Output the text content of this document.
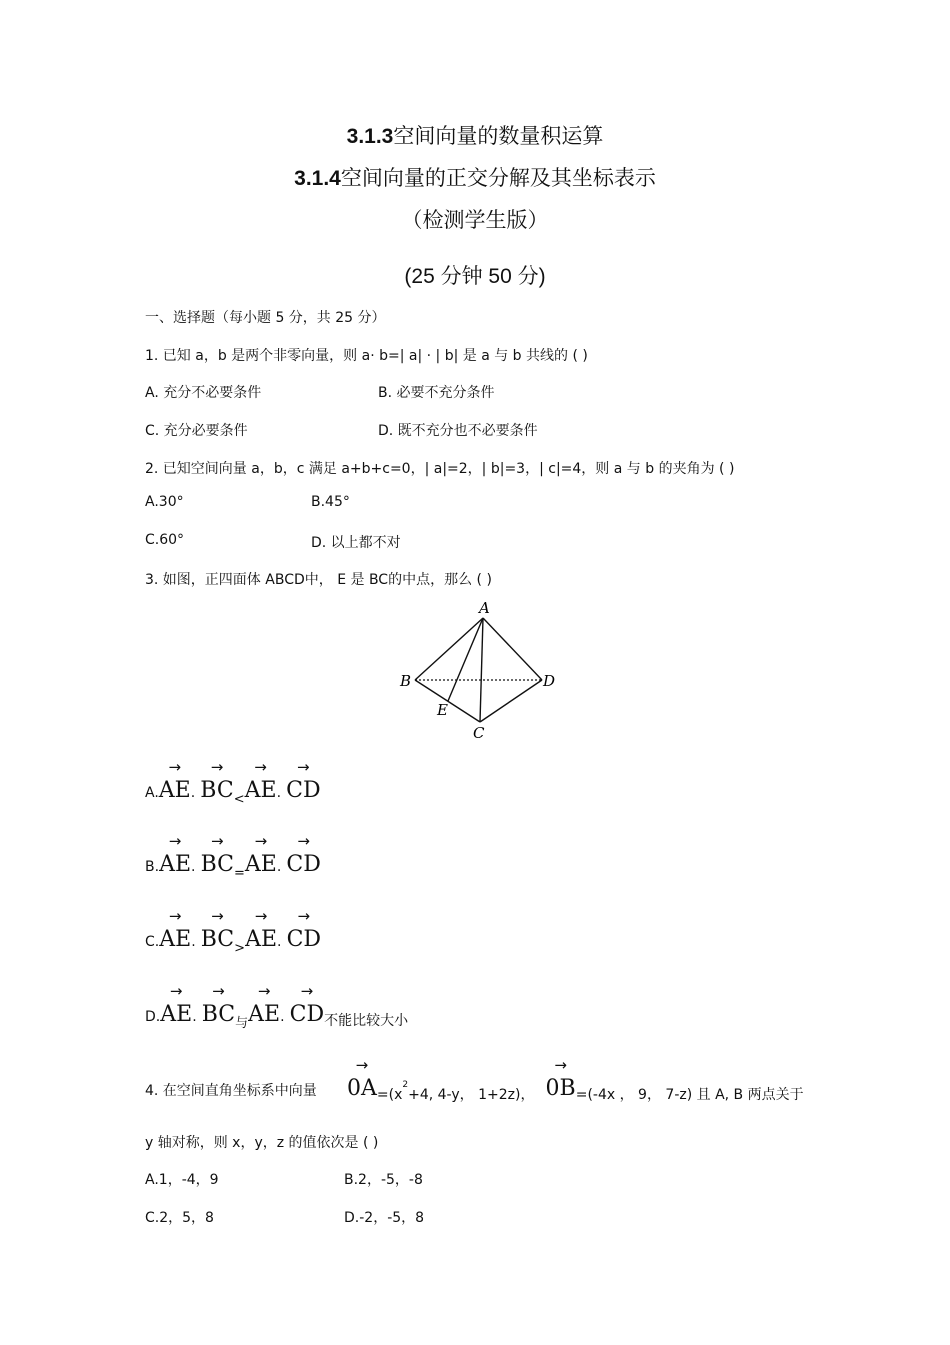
3.1.3空间向量的数量积运算
3.1.4空间向量的正交分解及其坐标表示
（检测学生版）
(25 分钟 50 分)
一、选择题（每小题 5 分，共 25 分）
1. 已知 a，b 是两个非零向量，则 a· b=| a| · | b| 是 a 与 b 共线的 ( )
A. 充分不必要条件	B. 必要不充分条件
C. 充分必要条件	D. 既不充分也不必要条件
2. 已知空间向量 a，b，c 满足 a+b+c=0，| a|=2，| b|=3，| c|=4，则 a 与 b 的夹角为 ( )
A.30°	B.45°
C.60°	D. 以上都不对
3. 如图，正四面体 ABCD中， E 是 BC的中点，那么 ( )
A
B
C
D
E
A.
→
AE.
→
$BC_<$
→
AE.
→
CD
B.
→
AE.
→
$BC_=$
→
AE.
→
CD
C.
→
AE.
→
$BC_>$
→
AE.
→
CD
D.
→
AE.
→
$BC_与$
→
AE.
→
CD不能比较大小
4. 在空间直角坐标系中向量
→
$0A=(x^2+4$, 4-y， 1+2z)，
→
0B=(-4x ， 9， 7-z) 且 A, B 两点关于
y 轴对称，则 x，y，z 的值依次是 ( )
A.1，-4，9	B.2，-5，-8
C.2，5，8	D.-2，-5，8
